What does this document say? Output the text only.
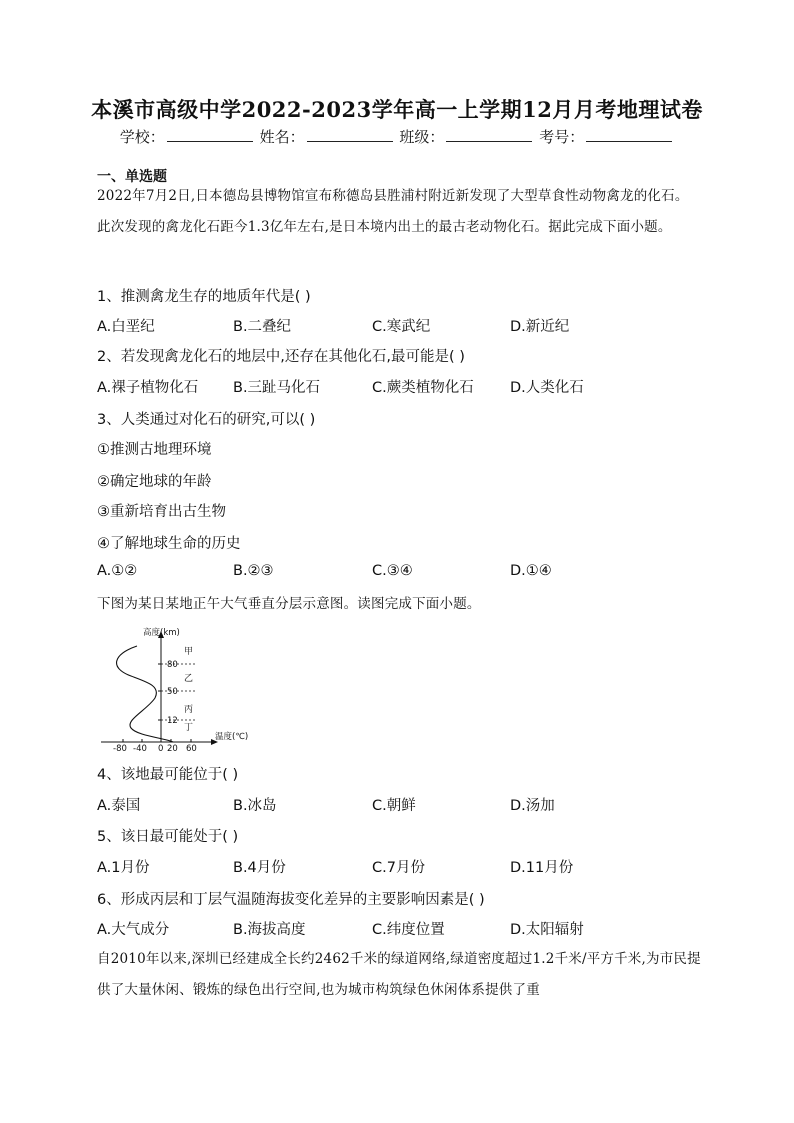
本溪市高级中学2022-2023学年高一上学期12月月考地理试卷
学校：	姓名：	班级：	考号：
一、单选题
2022年7月2日,日本德岛县博物馆宣布称德岛县胜浦村附近新发现了大型草食性动物禽龙的化石。此次发现的禽龙化石距今1.3亿年左右,是日本境内出土的最古老动物化石。据此完成下面小题。
1、推测禽龙生存的地质年代是( )
A.白垩纪	B.二叠纪	C.寒武纪	D.新近纪
2、若发现禽龙化石的地层中,还存在其他化石,最可能是( )
A.裸子植物化石 B.三趾马化石	C.蕨类植物化石	D.人类化石
3、人类通过对化石的研究,可以( )
①推测古地理环境
②确定地球的年龄
③重新培育出古生物
④了解地球生命的历史
A.①②	B.②③	C.③④	D.①④
下图为某日某地正午大气垂直分层示意图。读图完成下面小题。
高度(km)
温度(℃)
80
50
12
-80 -40 0 20 60
甲
乙
丙
丁
4、该地最可能位于( )
A.泰国	B.冰岛	C.朝鲜	D.汤加
5、该日最可能处于( )
A.1月份	B.4月份	C.7月份	D.11月份
6、形成丙层和丁层气温随海拔变化差异的主要影响因素是( )
A.大气成分	B.海拔高度	C.纬度位置	D.太阳辐射
自2010年以来,深圳已经建成全长约2462千米的绿道网络,绿道密度超过1.2千米/平方千米,为市民提供了大量休闲、锻炼的绿色出行空间,也为城市构筑绿色休闲体系提供了重
